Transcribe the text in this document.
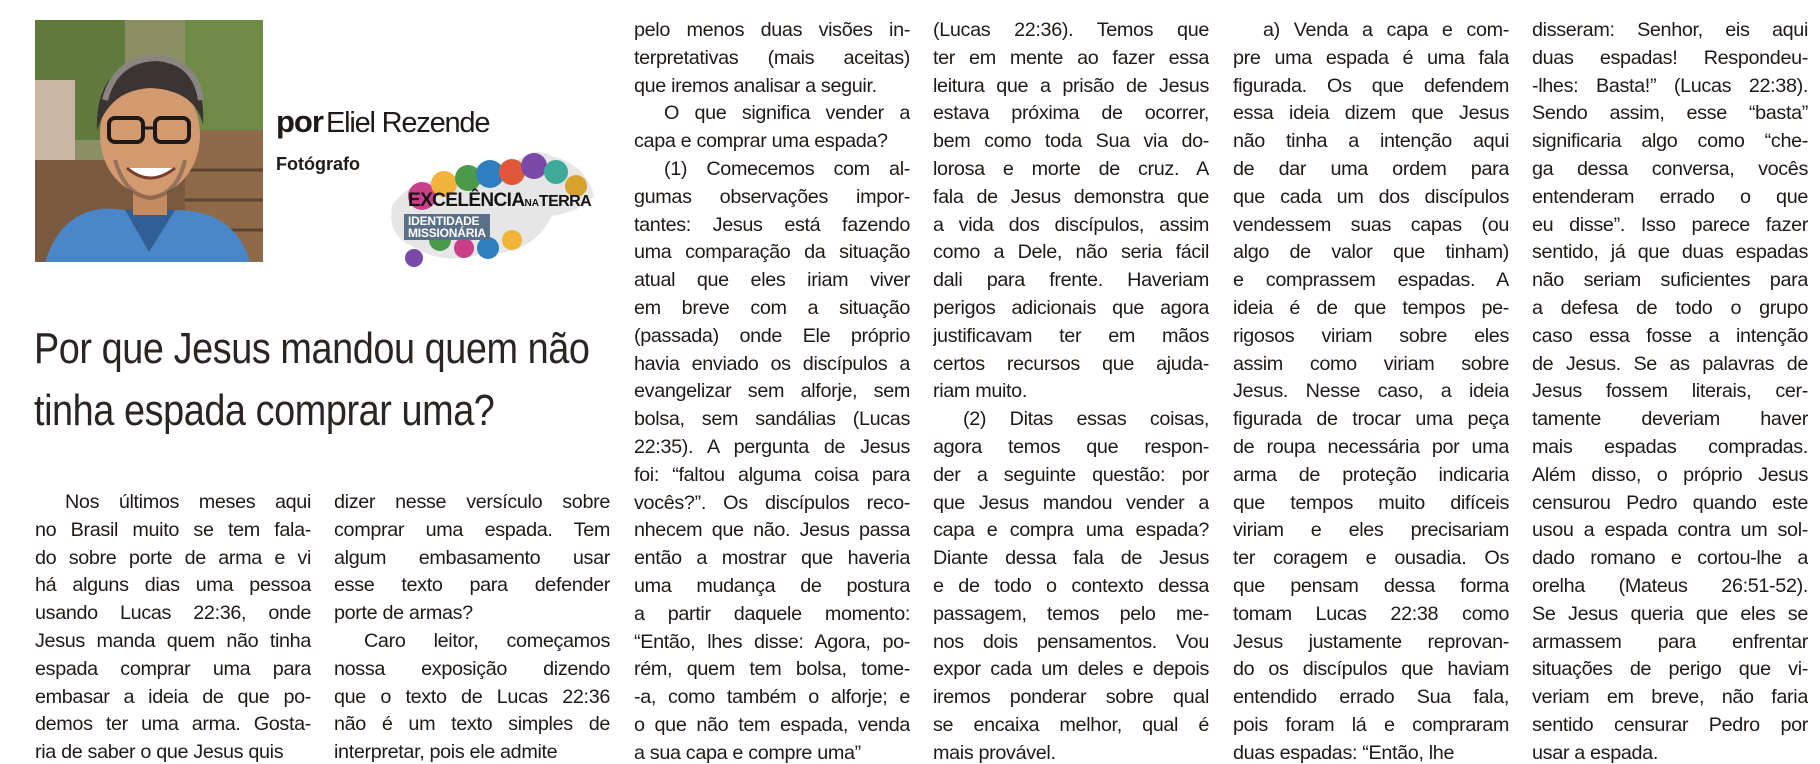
por Eliel Rezende
Fotógrafo
EXCELÊNCIANATERRA
IDENTIDADE
MISSIONÁRIA
Por que Jesus mandou quem não
tinha espada comprar uma?
Nos últimos meses aqui
no Brasil muito se tem fala-
do sobre porte de arma e vi
há alguns dias uma pessoa
usando Lucas 22:36, onde
Jesus manda quem não tinha
espada comprar uma para
embasar a ideia de que po-
demos ter uma arma. Gosta-
ria de saber o que Jesus quis
dizer nesse versículo sobre
comprar uma espada. Tem
algum embasamento usar
esse texto para defender
porte de armas?
Caro leitor, começamos
nossa exposição dizendo
que o texto de Lucas 22:36
não é um texto simples de
interpretar, pois ele admite
pelo menos duas visões in-
terpretativas (mais aceitas)
que iremos analisar a seguir.
O que significa vender a
capa e comprar uma espada?
(1) Comecemos com al-
gumas observações impor-
tantes: Jesus está fazendo
uma comparação da situação
atual que eles iriam viver
em breve com a situação
(passada) onde Ele próprio
havia enviado os discípulos a
evangelizar sem alforje, sem
bolsa, sem sandálias (Lucas
22:35). A pergunta de Jesus
foi: “faltou alguma coisa para
vocês?”. Os discípulos reco-
nhecem que não. Jesus passa
então a mostrar que haveria
uma mudança de postura
a partir daquele momento:
“Então, lhes disse: Agora, po-
rém, quem tem bolsa, tome-
-a, como também o alforje; e
o que não tem espada, venda
a sua capa e compre uma”
(Lucas 22:36). Temos que
ter em mente ao fazer essa
leitura que a prisão de Jesus
estava próxima de ocorrer,
bem como toda Sua via do-
lorosa e morte de cruz. A
fala de Jesus demonstra que
a vida dos discípulos, assim
como a Dele, não seria fácil
dali para frente. Haveriam
perigos adicionais que agora
justificavam ter em mãos
certos recursos que ajuda-
riam muito.
(2) Ditas essas coisas,
agora temos que respon-
der a seguinte questão: por
que Jesus mandou vender a
capa e compra uma espada?
Diante dessa fala de Jesus
e de todo o contexto dessa
passagem, temos pelo me-
nos dois pensamentos. Vou
expor cada um deles e depois
iremos ponderar sobre qual
se encaixa melhor, qual é
mais provável.
a) Venda a capa e com-
pre uma espada é uma fala
figurada. Os que defendem
essa ideia dizem que Jesus
não tinha a intenção aqui
de dar uma ordem para
que cada um dos discípulos
vendessem suas capas (ou
algo de valor que tinham)
e comprassem espadas. A
ideia é de que tempos pe-
rigosos viriam sobre eles
assim como viriam sobre
Jesus. Nesse caso, a ideia
figurada de trocar uma peça
de roupa necessária por uma
arma de proteção indicaria
que tempos muito difíceis
viriam e eles precisariam
ter coragem e ousadia. Os
que pensam dessa forma
tomam Lucas 22:38 como
Jesus justamente reprovan-
do os discípulos que haviam
entendido errado Sua fala,
pois foram lá e compraram
duas espadas: “Então, lhe
disseram: Senhor, eis aqui
duas espadas! Respondeu-
-lhes: Basta!” (Lucas 22:38).
Sendo assim, esse “basta”
significaria algo como “che-
ga dessa conversa, vocês
entenderam errado o que
eu disse”. Isso parece fazer
sentido, já que duas espadas
não seriam suficientes para
a defesa de todo o grupo
caso essa fosse a intenção
de Jesus. Se as palavras de
Jesus fossem literais, cer-
tamente deveriam haver
mais espadas compradas.
Além disso, o próprio Jesus
censurou Pedro quando este
usou a espada contra um sol-
dado romano e cortou-lhe a
orelha (Mateus 26:51-52).
Se Jesus queria que eles se
armassem para enfrentar
situações de perigo que vi-
veriam em breve, não faria
sentido censurar Pedro por
usar a espada.
